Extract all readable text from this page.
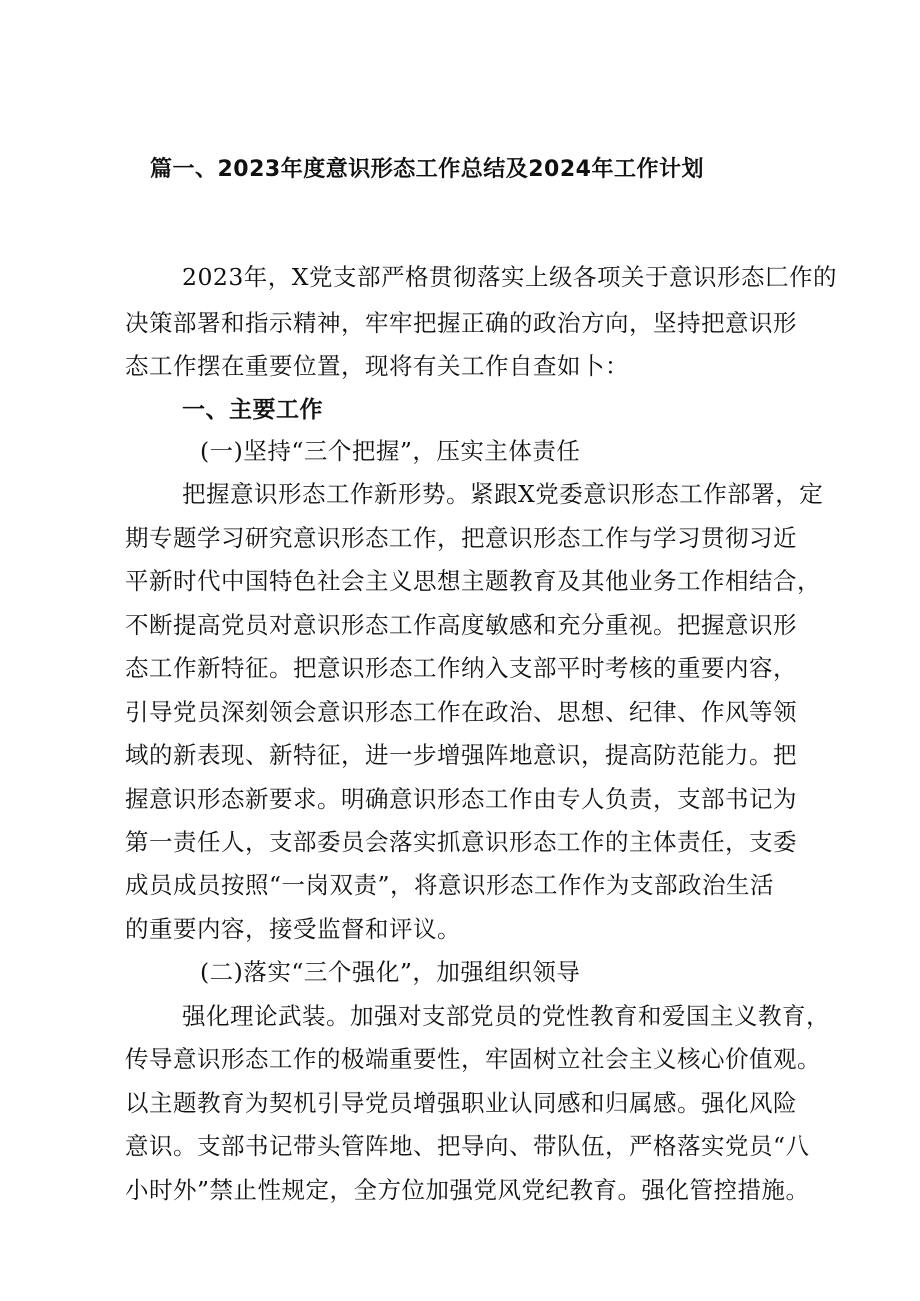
篇一、2023年度意识形态工作总结及2024年工作计划
2023年，X党支部严格贯彻落实上级各项关于意识形态匚作的
决策部署和指示精神，牢牢把握正确的政治方向，坚持把意识形
态工作摆在重要位置，现将有关工作自查如卜：
一、主要工作
(一)坚持“三个把握”，压实主体责任
把握意识形态工作新形势。紧跟X党委意识形态工作部署，定
期专题学习研究意识形态工作，把意识形态工作与学习贯彻习近
平新时代中国特色社会主义思想主题教育及其他业务工作相结合，
不断提高党员对意识形态工作高度敏感和充分重视。把握意识形
态工作新特征。把意识形态工作纳入支部平时考核的重要内容，
引导党员深刻领会意识形态工作在政治、思想、纪律、作风等领
域的新表现、新特征，进一步增强阵地意识，提高防范能力。把
握意识形态新要求。明确意识形态工作由专人负责，支部书记为
第一责任人，支部委员会落实抓意识形态工作的主体责任，支委
成员成员按照“一岗双责”，将意识形态工作作为支部政治生活
的重要内容，接受监督和评议。
(二)落实“三个强化”，加强组织领导
强化理论武装。加强对支部党员的党性教育和爱国主义教育，
传导意识形态工作的极端重要性，牢固树立社会主义核心价值观。
以主题教育为契机引导党员增强职业认同感和归属感。强化风险
意识。支部书记带头管阵地、把导向、带队伍，严格落实党员“八
小时外”禁止性规定，全方位加强党风党纪教育。强化管控措施。
